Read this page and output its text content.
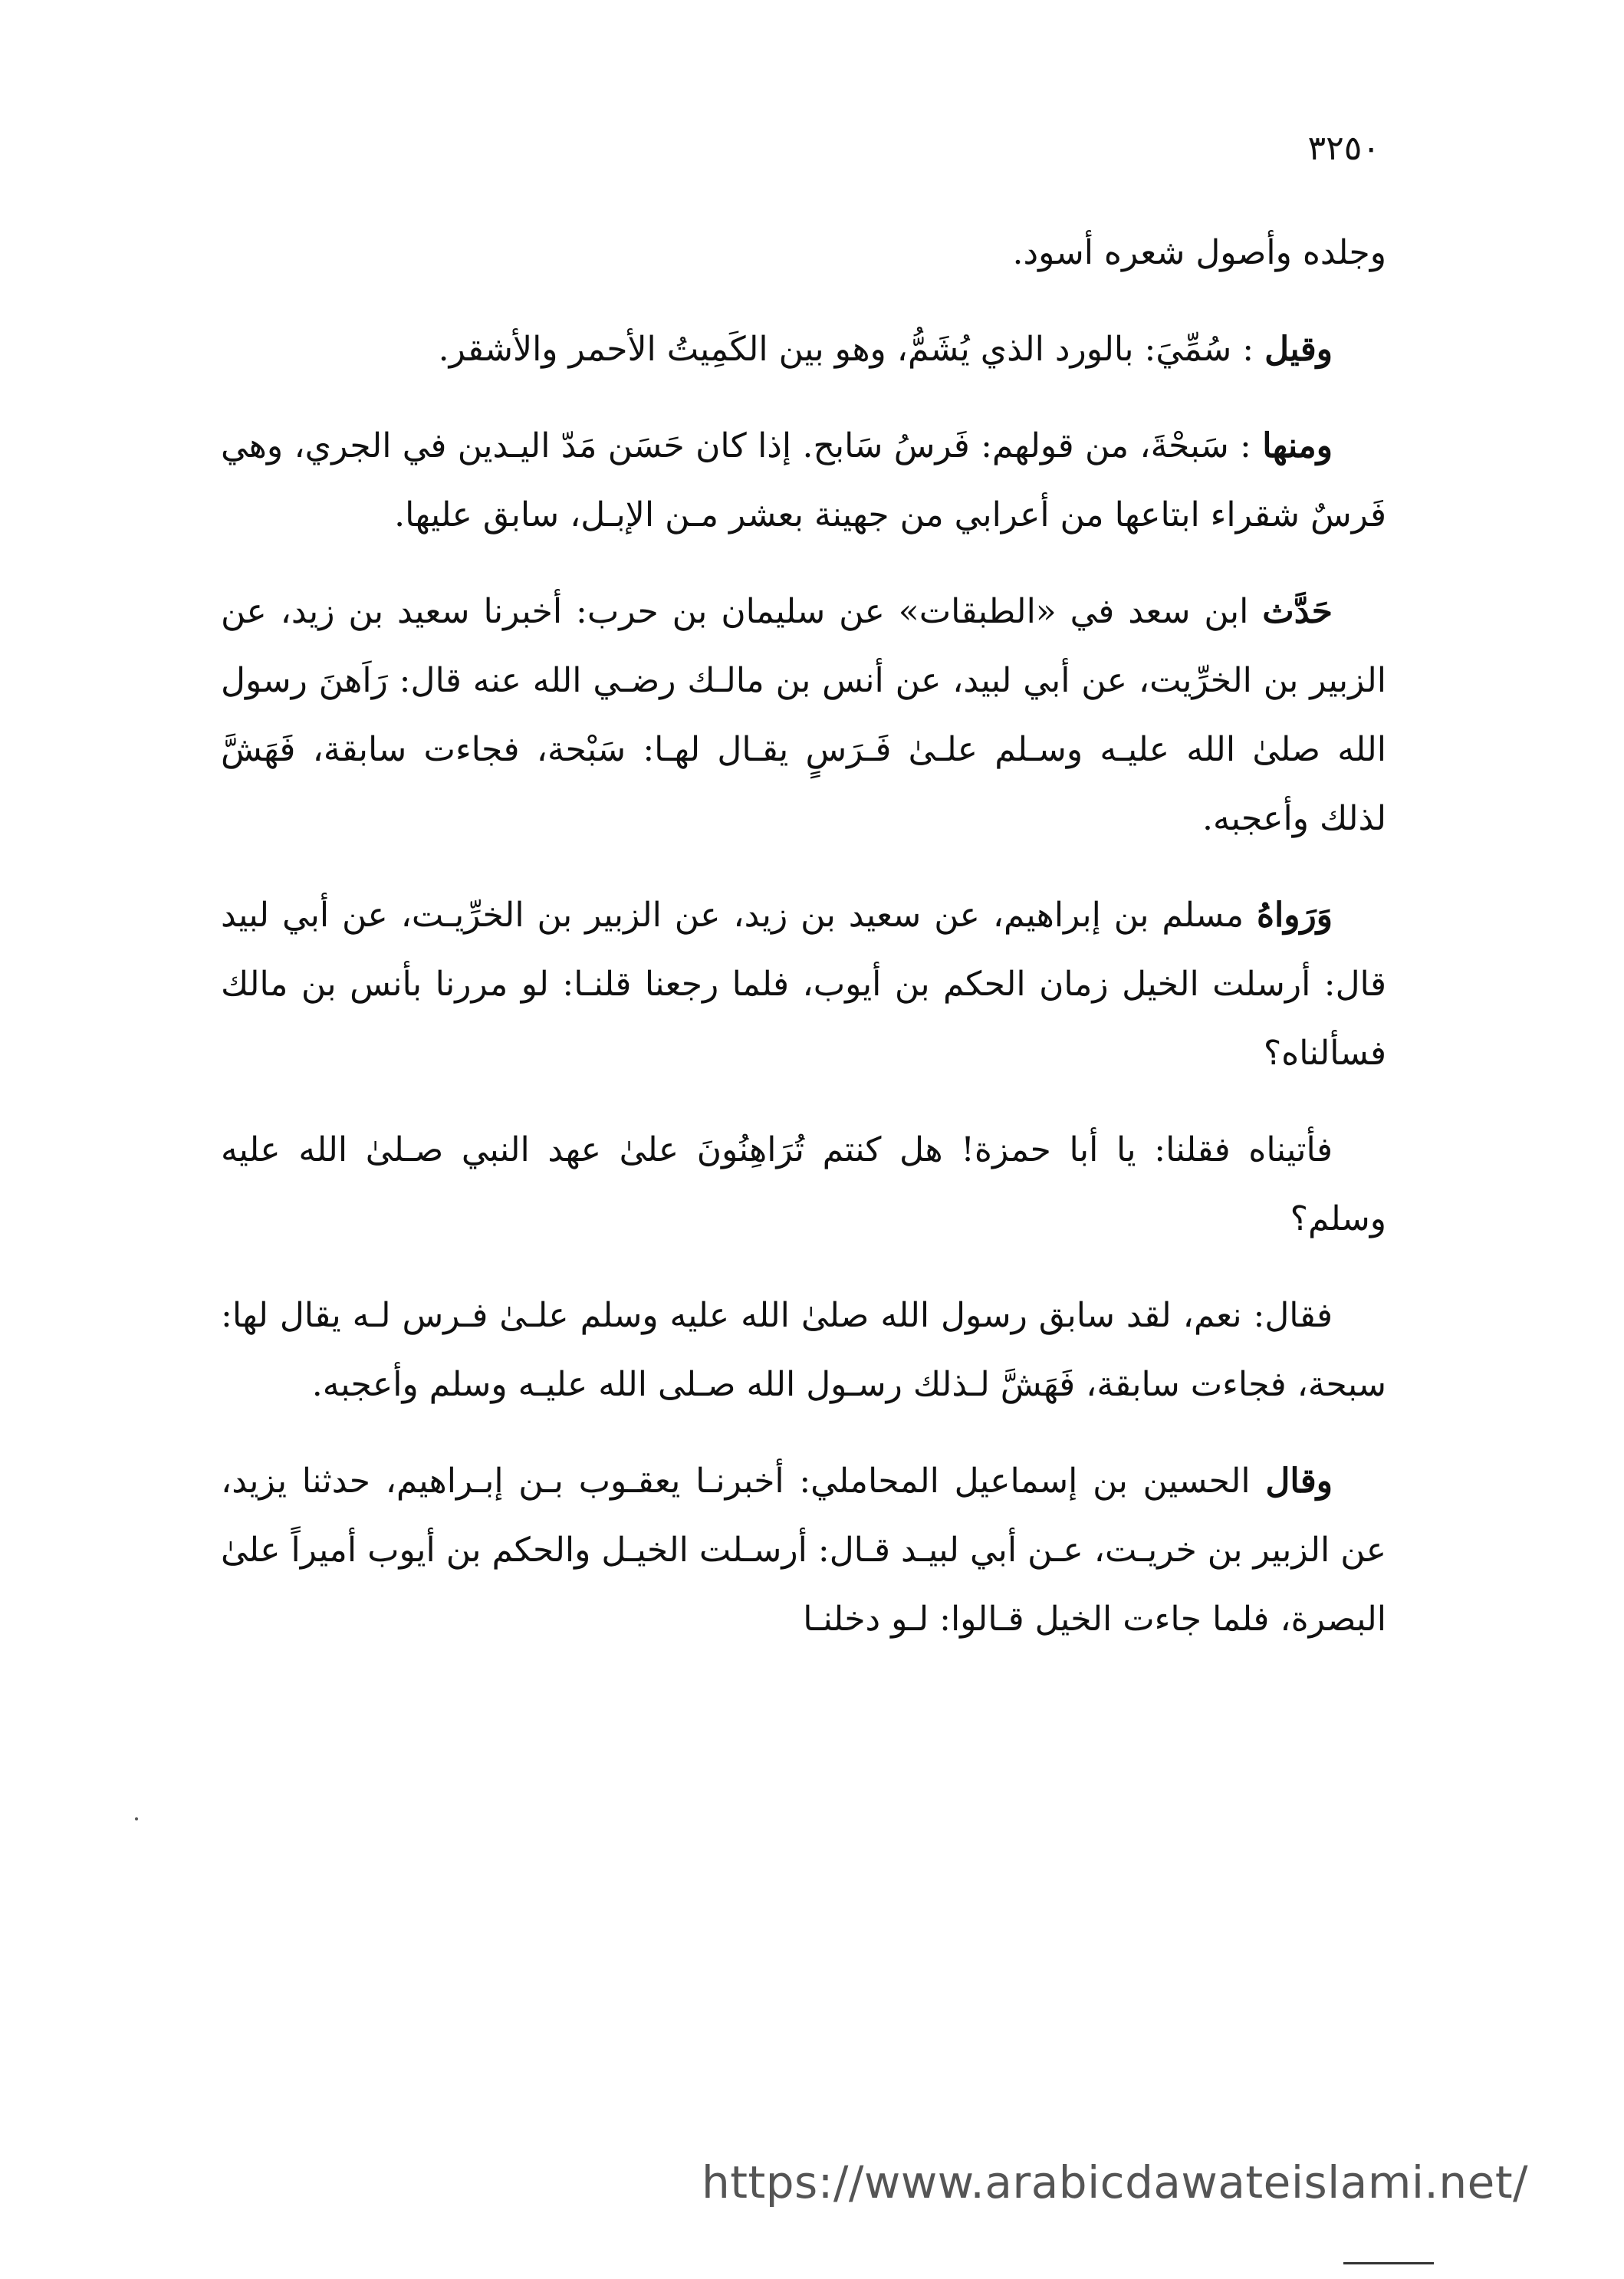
٣٢٥٠

وجلده وأصول شعره أسود.

وقيل : سُمِّيَ: بالورد الذي يُشَمُّ، وهو بين الكَمِيتُ الأحمر والأشقر.

ومنها : سَبحْةَ، من قولهم: فَرسُ سَابح. إذا كان حَسَن مَدّ اليـدين في الجري، وهي فَرسٌ شقراء ابتاعها من أعرابي من جهينة بعشر مـن الإبـل، سابق عليها.

حَدَّث ابن سعد في «الطبقات» عن سليمان بن حرب: أخبرنا سعيد بن زيد، عن الزبير بن الخرِّيت، عن أبي لبيد، عن أنس بن مالـك رضـي الله عنه قال: رَاَهنَ رسول الله صلىٰ الله عليـه وسـلم علـىٰ فَـرَسٍ يقـال لهـا: سَبْحة، فجاءت سابقة، فَهَشَّ لذلك وأعجبه.

وَرَواهُ مسلم بن إبراهيم، عن سعيد بن زيد، عن الزبير بن الخرِّيـت، عن أبي لبيد قال: أرسلت الخيل زمان الحكم بن أيوب، فلما رجعنا قلنـا: لو مررنا بأنس بن مالك فسألناه؟

فأتيناه فقلنا: يا أبا حمزة! هل كنتم تُرَاهِنُونَ علىٰ عهد النبي صـلىٰ الله عليه وسلم؟

فقال: نعم، لقد سابق رسول الله صلىٰ الله عليه وسلم علـىٰ فـرس لـه يقال لها: سبحة، فجاءت سابقة، فَهَشَّ لـذلك رسـول الله صـلى الله عليـه وسلم وأعجبه.

وقال الحسين بن إسماعيل المحاملي: أخبرنـا يعقـوب بـن إبـراهيم، حدثنا يزيد، عن الزبير بن خريـت، عـن أبي لبيـد قـال: أرسـلت الخيـل والحكم بن أيوب أميراً علىٰ البصرة، فلما جاءت الخيل قـالوا: لـو دخلنـا

https://www.arabicdawateislami.net/
